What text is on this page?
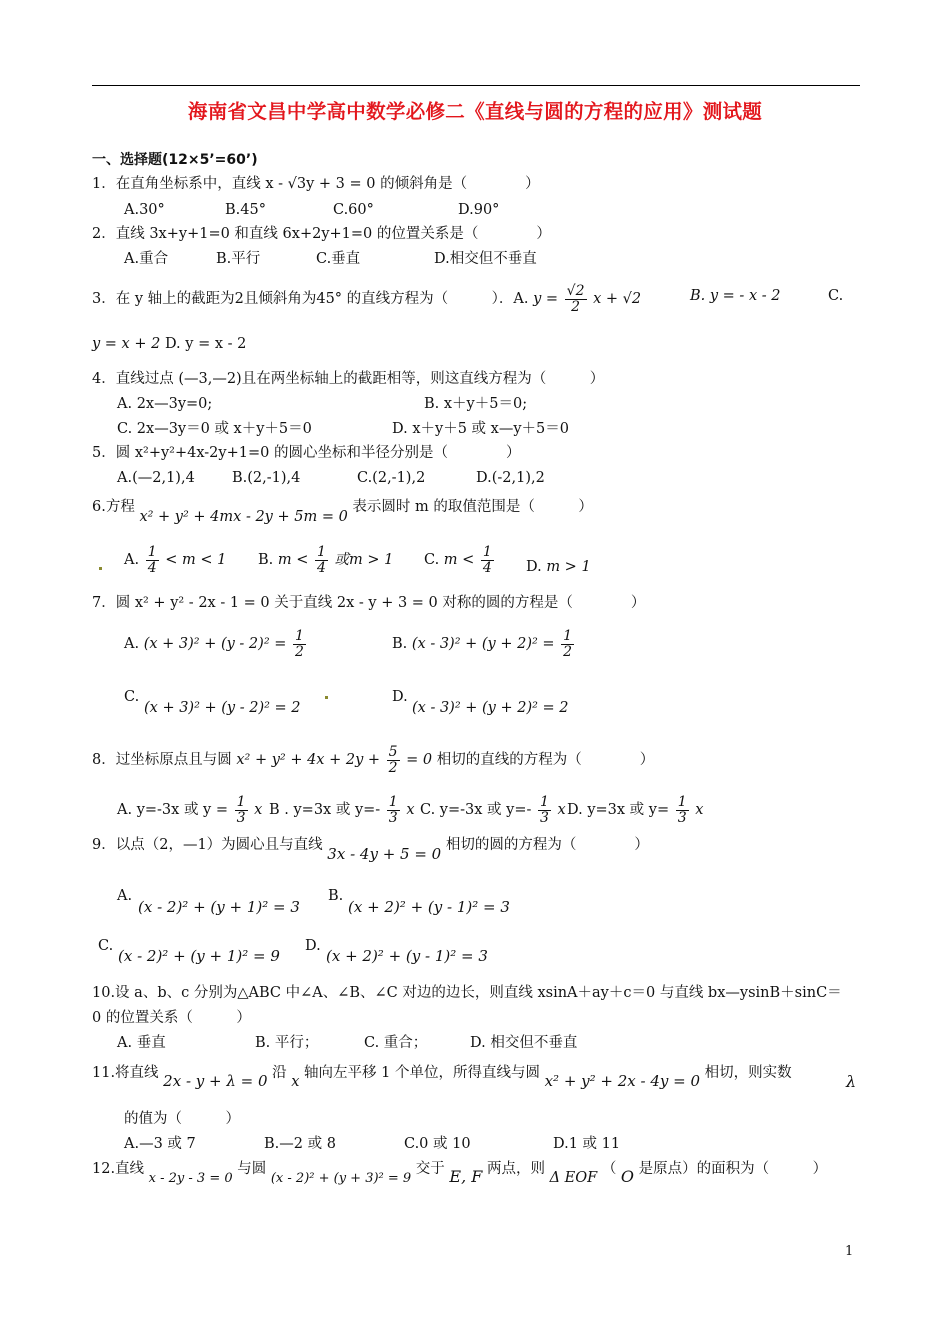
海南省文昌中学高中数学必修二《直线与圆的方程的应用》测试题
一、选择题(12×5’=60’)
1．在直角坐标系中，直线 x - √3y + 3 = 0 的倾斜角是（　　　　）
A.30°	B.45°	C.60°	D.90°
2．直线 3x+y+1=0 和直线 6x+2y+1=0 的位置关系是（　　　　）
A.重合	B.平行	C.垂直	D.相交但不垂直
3．在 y 轴上的截距为2且倾斜角为45° 的直线方程为（　　　）．A. $y = \frac{√2}{2}$ x + √2	B. y = - x - 2	C.
y = x + 2 D. y = x - 2
4．直线过点 (—3,—2)且在两坐标轴上的截距相等，则这直线方程为（　　　）
A. 2x—3y=0;	B. x＋y＋5＝0;
C. 2x—3y＝0 或 x＋y＋5＝0	D. x＋y＋5 或 x—y＋5＝0
5．圆 x²+y²+4x-2y+1=0 的圆心坐标和半径分别是（　　　　）
A.(—2,1),4	B.(2,-1),4	C.(2,-1),2	D.(-2,1),2
6.方程 x² + y² + 4mx - 2y + 5m = 0 表示圆时 m 的取值范围是（　　　）
A. $\frac{1}{4} < m < 1$ B. $m < \frac{1}{4}$ 或m > 1 C. $m < \frac{1}{4} D$. m > 1
7．圆 x² + y² - 2x - 1 = 0 关于直线 2x - y + 3 = 0 对称的圆的方程是（　　　　）
A. $(x + 3)^2 + (y - 2)^2 = \frac{1}{2}$	B. $(x - 3)^2 + (y + 2)^2 = \frac{1}{2}$
C.
(x + 3)² + (y - 2)² = 2
D.
(x - 3)² + (y + 2)² = 2
8．过坐标原点且与圆 $x^2 + y^2 + 4x + 2y + \frac{5}{2} = 0$ 相切的直线的方程为（　　　　）
A. y=-3x 或 $y = \frac{1}{3}$ x B . y=3x 或 $y=- \frac{1}{3}$ x C. y=-3x 或 $y=- \frac{1}{3}$ x D. y=3x 或 $y= \frac{1}{3}$ x
9．以点（2，—1）为圆心且与直线 3x - 4y + 5 = 0 相切的圆的方程为（　　　　）
A.
(x - 2)² + (y + 1)² = 3
B.
(x + 2)² + (y - 1)² = 3
C.
(x - 2)² + (y + 1)² = 9
D.
(x + 2)² + (y - 1)² = 3
10.设 a、b、c 分别为△ABC 中∠A、∠B、∠C 对边的边长，则直线 xsinA＋ay＋c＝0 与直线 bx—ysinB＋sinC＝
0 的位置关系（　　　）
A. 垂直	B. 平行；	C. 重合；	D. 相交但不垂直
11.将直线 2x - y + λ = 0 沿 x 轴向左平移 1 个单位，所得直线与圆 x² + y² + 2x - 4y = 0 相切，则实数	λ
的值为（　　　）
A.—3 或 7	B.—2 或 8	C.0 或 10	D.1 或 11
12.直线 x - 2y - 3 = 0 与圆 (x - 2)² + (y + 3)² = 9 交于 E, F 两点，则 Δ EOF （ O 是原点）的面积为（　　　）
1
